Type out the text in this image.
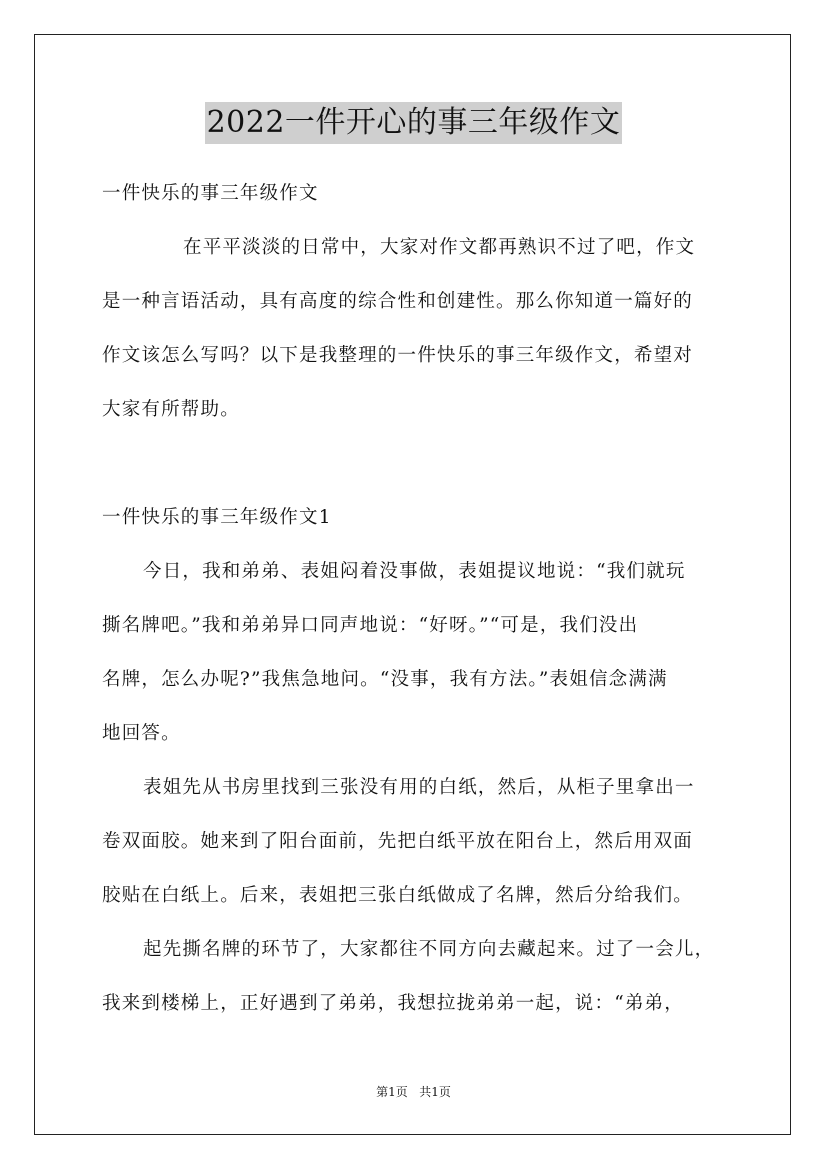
2022一件开心的事三年级作文
一件快乐的事三年级作文
在平平淡淡的日常中，大家对作文都再熟识不过了吧，作文
是一种言语活动，具有高度的综合性和创建性。那么你知道一篇好的
作文该怎么写吗？以下是我整理的一件快乐的事三年级作文，希望对
大家有所帮助。
一件快乐的事三年级作文1
今日，我和弟弟、表姐闷着没事做，表姐提议地说：“我们就玩
撕名牌吧。”我和弟弟异口同声地说：“好呀。”“可是，我们没出
名牌，怎么办呢?”我焦急地问。“没事，我有方法。”表姐信念满满
地回答。
表姐先从书房里找到三张没有用的白纸，然后，从柜子里拿出一
卷双面胶。她来到了阳台面前，先把白纸平放在阳台上，然后用双面
胶贴在白纸上。后来，表姐把三张白纸做成了名牌，然后分给我们。
起先撕名牌的环节了，大家都往不同方向去藏起来。过了一会儿，
我来到楼梯上，正好遇到了弟弟，我想拉拢弟弟一起，说：“弟弟，
第1页 共1页
